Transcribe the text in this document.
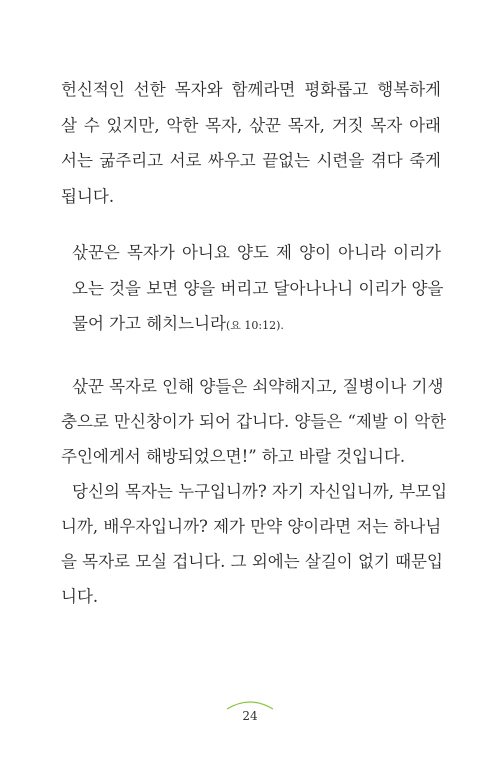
헌신적인 선한 목자와 함께라면 평화롭고 행복하게
살 수 있지만, 악한 목자, 삯꾼 목자, 거짓 목자 아래
서는 굶주리고 서로 싸우고 끝없는 시련을 겪다 죽게
됩니다.
삯꾼은 목자가 아니요 양도 제 양이 아니라 이리가
오는 것을 보면 양을 버리고 달아나나니 이리가 양을
물어 가고 헤치느니라(요 10:12).
삯꾼 목자로 인해 양들은 쇠약해지고, 질병이나 기생
충으로 만신창이가 되어 갑니다. 양들은 “제발 이 악한
주인에게서 해방되었으면!” 하고 바랄 것입니다.
당신의 목자는 누구입니까? 자기 자신입니까, 부모입
니까, 배우자입니까? 제가 만약 양이라면 저는 하나님
을 목자로 모실 겁니다. 그 외에는 살길이 없기 때문입
니다.
24
